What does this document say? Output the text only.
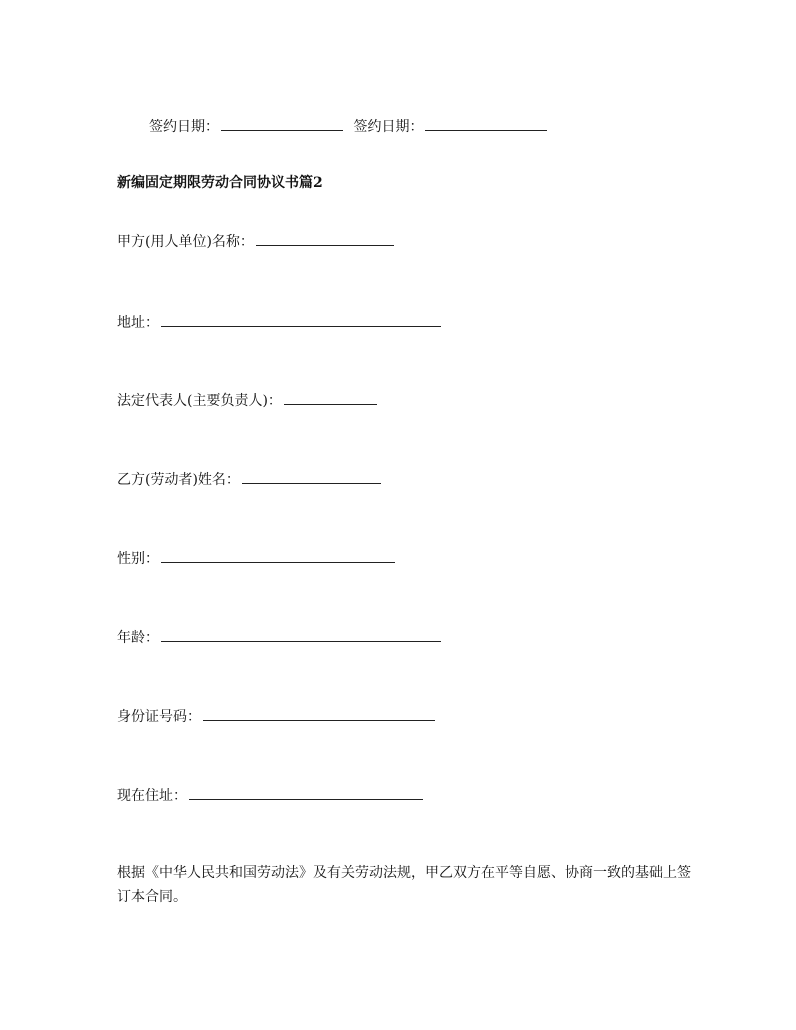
签约日期：	签约日期：
新编固定期限劳动合同协议书篇2
甲方(用人单位)名称：
地址：
法定代表人(主要负责人)：
乙方(劳动者)姓名：
性别：
年龄：
身份证号码：
现在住址：
根据《中华人民共和国劳动法》及有关劳动法规，甲乙双方在平等自愿、协商一致的基础上签订本合同。
